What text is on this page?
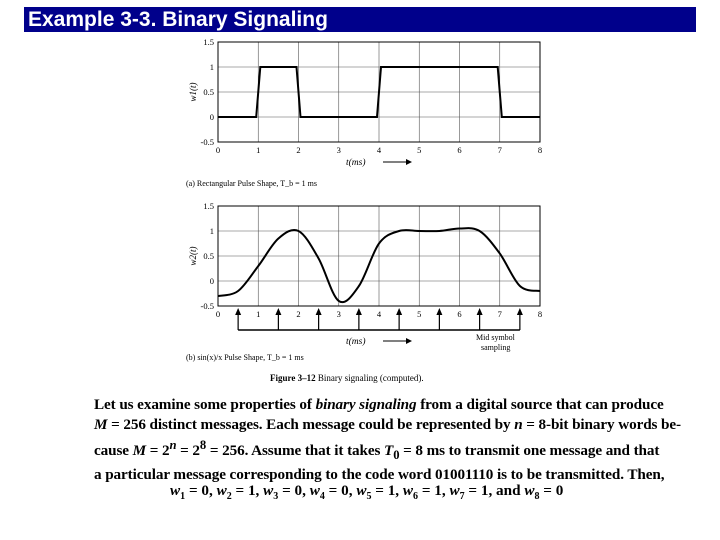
Example 3-3. Binary Signaling
1.5
1
0.5
0
-0.5
0	1	2	3	4	5	6	7	8
w1(t)
t(ms)
(a) Rectangular Pulse Shape, T_b = 1 ms
1.5
1
0.5
0
-0.5
0	1	2	3	4	5	6	7	8
w2(t)
t(ms)
(b) sin(x)/x Pulse Shape, T_b = 1 ms
Mid symbol
sampling
Figure 3–12 Binary signaling (computed).

Let us examine some properties of binary signaling from a digital source that can produce

M = 256 distinct messages. Each message could be represented by n = 8-bit binary words be-

cause $M = 2^n = 2^8 = 256$. Assume that it takes $T_0 = 8$ ms to transmit one message and that

a particular message corresponding to the code word 01001110 is to be transmitted. Then,

$w_1 = 0$, $w_2 = 1$, $w_3 = 0$, $w_4 = 0$, $w_5 = 1$, $w_6 = 1$, $w_7 = 1$, and $w_8 = 0$
